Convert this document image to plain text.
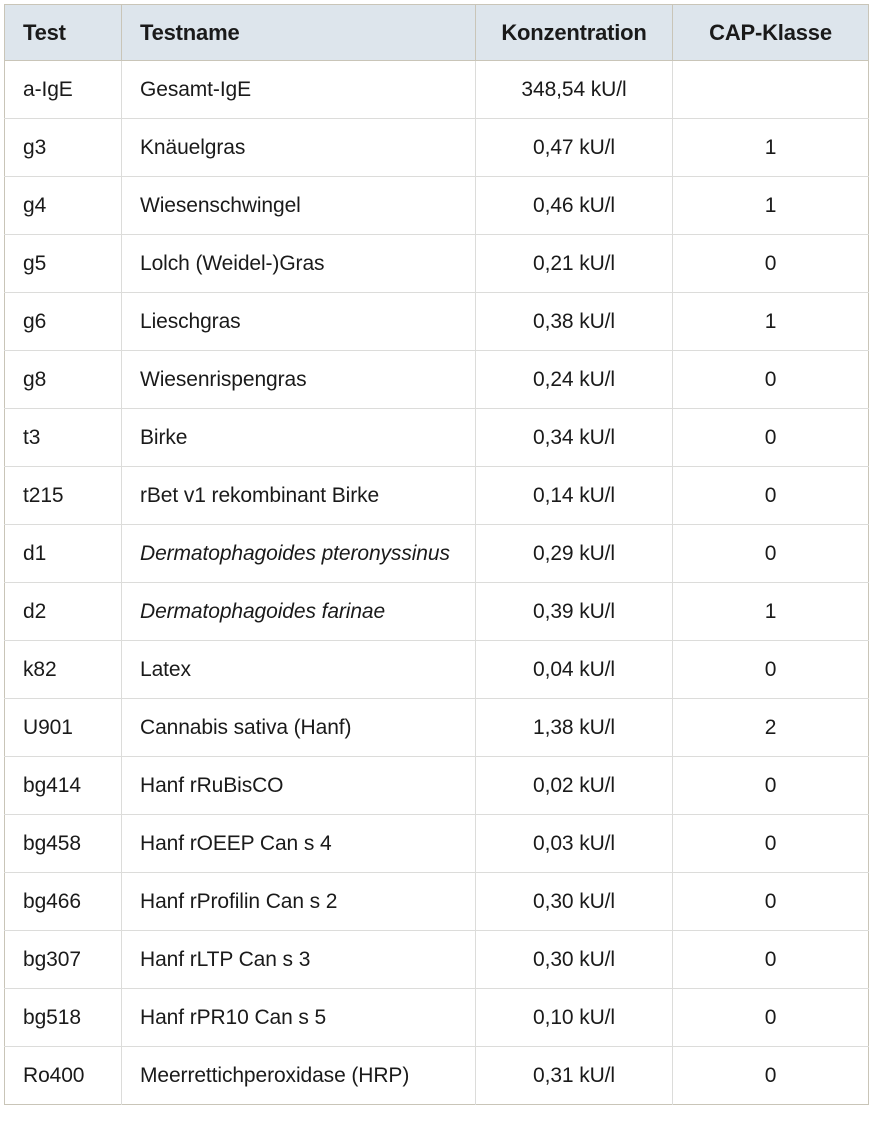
Test	Testname	Konzentration	CAP-Klasse
a-IgE	Gesamt-IgE	348,54 kU/l	
g3	Knäuelgras	0,47 kU/l	1
g4	Wiesenschwingel	0,46 kU/l	1
g5	Lolch (Weidel-)Gras	0,21 kU/l	0
g6	Lieschgras	0,38 kU/l	1
g8	Wiesenrispengras	0,24 kU/l	0
t3	Birke	0,34 kU/l	0
t215	rBet v1 rekombinant Birke	0,14 kU/l	0
d1	Dermatophagoides pteronyssinus	0,29 kU/l	0
d2	Dermatophagoides farinae	0,39 kU/l	1
k82	Latex	0,04 kU/l	0
U901	Cannabis sativa (Hanf)	1,38 kU/l	2
bg414	Hanf rRuBisCO	0,02 kU/l	0
bg458	Hanf rOEEP Can s 4	0,03 kU/l	0
bg466	Hanf rProfilin Can s 2	0,30 kU/l	0
bg307	Hanf rLTP Can s 3	0,30 kU/l	0
bg518	Hanf rPR10 Can s 5	0,10 kU/l	0
Ro400	Meerrettichperoxidase (HRP)	0,31 kU/l	0
